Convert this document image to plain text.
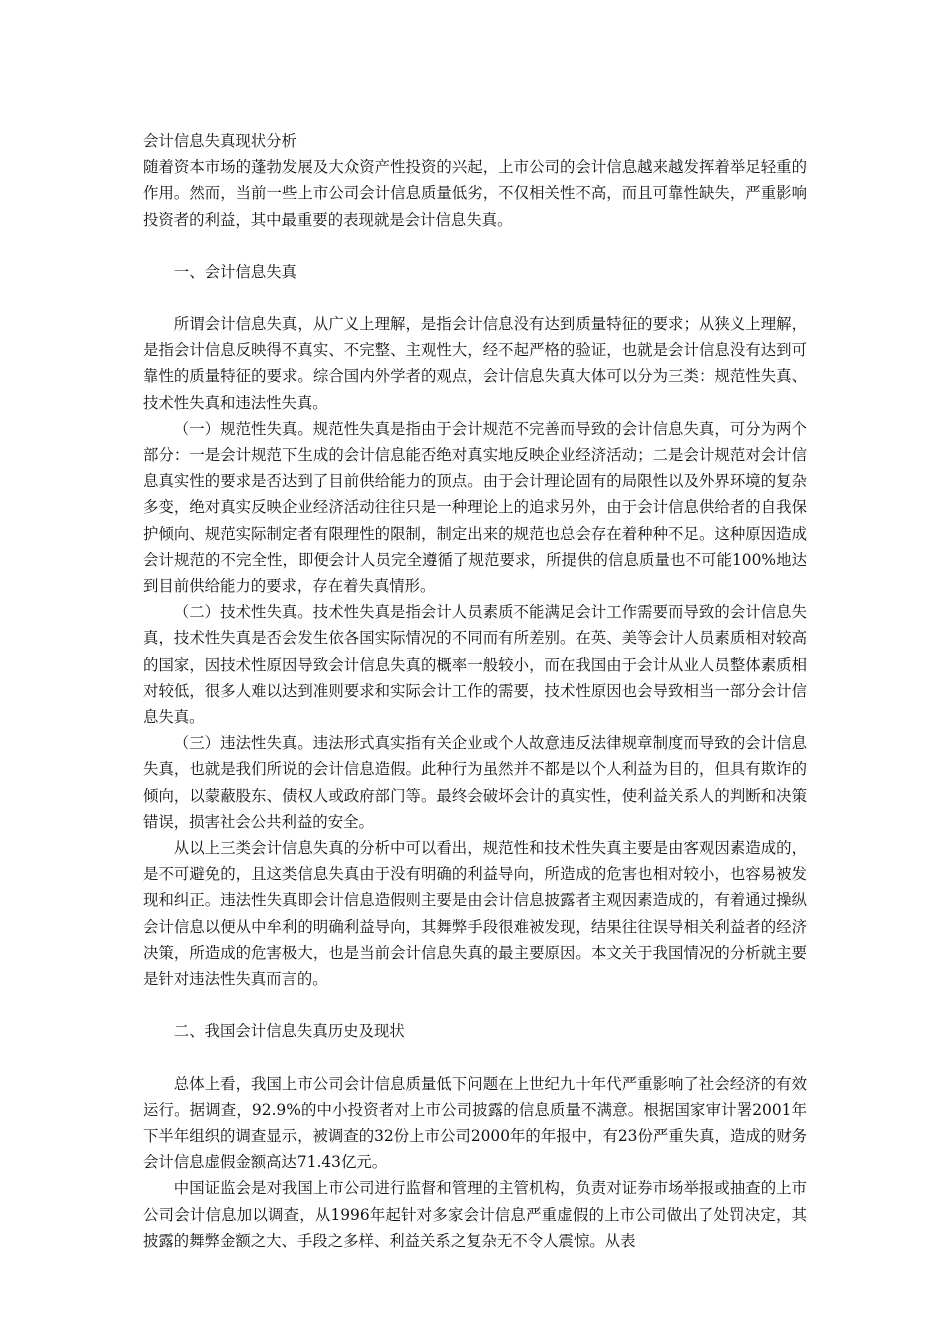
会计信息失真现状分析

随着资本市场的蓬勃发展及大众资产性投资的兴起，上市公司的会计信息越来越发挥着举足轻重的作用。然而，当前一些上市公司会计信息质量低劣，不仅相关性不高，而且可靠性缺失，严重影响投资者的利益，其中最重要的表现就是会计信息失真。

一、会计信息失真

所谓会计信息失真，从广义上理解，是指会计信息没有达到质量特征的要求；从狭义上理解，是指会计信息反映得不真实、不完整、主观性大，经不起严格的验证，也就是会计信息没有达到可靠性的质量特征的要求。综合国内外学者的观点，会计信息失真大体可以分为三类：规范性失真、技术性失真和违法性失真。

（一）规范性失真。规范性失真是指由于会计规范不完善而导致的会计信息失真，可分为两个部分：一是会计规范下生成的会计信息能否绝对真实地反映企业经济活动；二是会计规范对会计信息真实性的要求是否达到了目前供给能力的顶点。由于会计理论固有的局限性以及外界环境的复杂多变，绝对真实反映企业经济活动往往只是一种理论上的追求另外，由于会计信息供给者的自我保护倾向、规范实际制定者有限理性的限制，制定出来的规范也总会存在着种种不足。这种原因造成会计规范的不完全性，即便会计人员完全遵循了规范要求，所提供的信息质量也不可能100%地达到目前供给能力的要求，存在着失真情形。

（二）技术性失真。技术性失真是指会计人员素质不能满足会计工作需要而导致的会计信息失真，技术性失真是否会发生依各国实际情况的不同而有所差别。在英、美等会计人员素质相对较高的国家，因技术性原因导致会计信息失真的概率一般较小，而在我国由于会计从业人员整体素质相对较低，很多人难以达到准则要求和实际会计工作的需要，技术性原因也会导致相当一部分会计信息失真。

（三）违法性失真。违法形式真实指有关企业或个人故意违反法律规章制度而导致的会计信息失真，也就是我们所说的会计信息造假。此种行为虽然并不都是以个人利益为目的，但具有欺诈的倾向，以蒙蔽股东、债权人或政府部门等。最终会破坏会计的真实性，使利益关系人的判断和决策错误，损害社会公共利益的安全。

从以上三类会计信息失真的分析中可以看出，规范性和技术性失真主要是由客观因素造成的，是不可避免的，且这类信息失真由于没有明确的利益导向，所造成的危害也相对较小，也容易被发现和纠正。违法性失真即会计信息造假则主要是由会计信息披露者主观因素造成的，有着通过操纵会计信息以便从中牟利的明确利益导向，其舞弊手段很难被发现，结果往往误导相关利益者的经济决策，所造成的危害极大，也是当前会计信息失真的最主要原因。本文关于我国情况的分析就主要是针对违法性失真而言的。

二、我国会计信息失真历史及现状

总体上看，我国上市公司会计信息质量低下问题在上世纪九十年代严重影响了社会经济的有效运行。据调查，92.9%的中小投资者对上市公司披露的信息质量不满意。根据国家审计署2001年下半年组织的调查显示，被调查的32份上市公司2000年的年报中，有23份严重失真，造成的财务会计信息虚假金额高达71.43亿元。

中国证监会是对我国上市公司进行监督和管理的主管机构，负责对证券市场举报或抽查的上市公司会计信息加以调查，从1996年起针对多家会计信息严重虚假的上市公司做出了处罚决定，其披露的舞弊金额之大、手段之多样、利益关系之复杂无不令人震惊。从表
